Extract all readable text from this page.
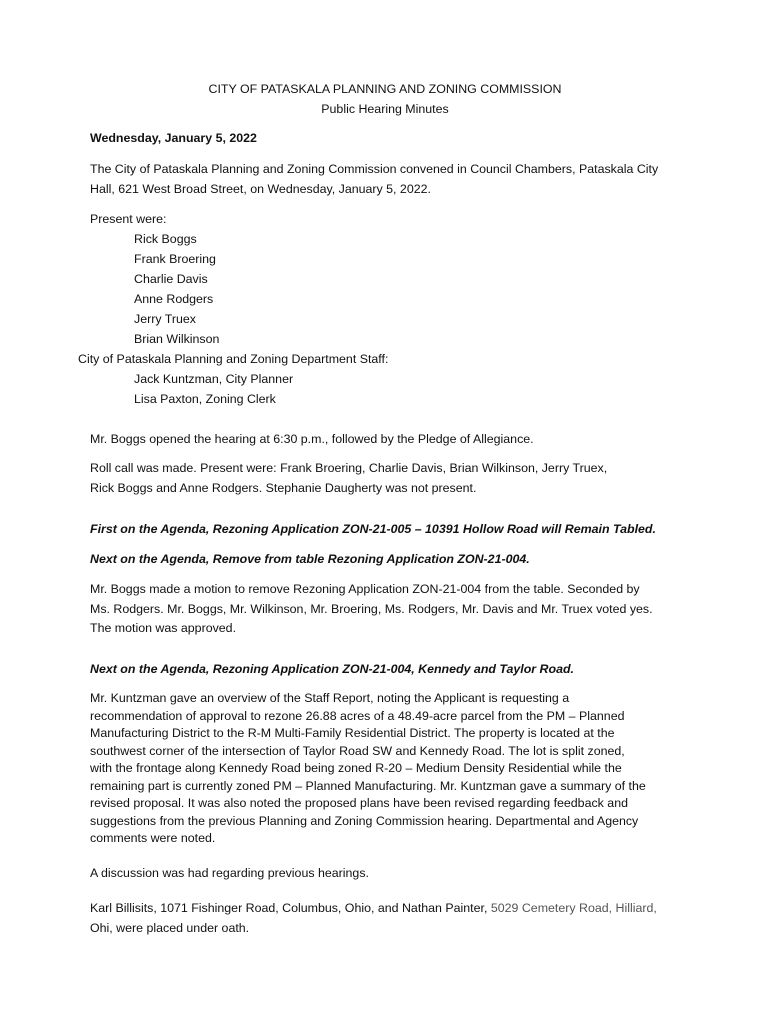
CITY OF PATASKALA PLANNING AND ZONING COMMISSION
Public Hearing Minutes
Wednesday, January 5, 2022

The City of Pataskala Planning and Zoning Commission convened in Council Chambers, Pataskala City

Hall, 621 West Broad Street, on Wednesday, January 5, 2022.

Present were:
Rick Boggs
Frank Broering
Charlie Davis
Anne Rodgers
Jerry Truex
Brian Wilkinson
City of Pataskala Planning and Zoning Department Staff:
Jack Kuntzman, City Planner
Lisa Paxton, Zoning Clerk
Mr. Boggs opened the hearing at 6:30 p.m., followed by the Pledge of Allegiance.

Roll call was made. Present were: Frank Broering, Charlie Davis, Brian Wilkinson, Jerry Truex,

Rick Boggs and Anne Rodgers. Stephanie Daugherty was not present.

First on the Agenda, Rezoning Application ZON-21-005 – 10391 Hollow Road will Remain Tabled.
Next on the Agenda, Remove from table Rezoning Application ZON-21-004.

Mr. Boggs made a motion to remove Rezoning Application ZON-21-004 from the table. Seconded by

Ms. Rodgers. Mr. Boggs, Mr. Wilkinson, Mr. Broering, Ms. Rodgers, Mr. Davis and Mr. Truex voted yes.

The motion was approved.

Next on the Agenda, Rezoning Application ZON-21-004, Kennedy and Taylor Road.

Mr. Kuntzman gave an overview of the Staff Report, noting the Applicant is requesting a

recommendation of approval to rezone 26.88 acres of a 48.49-acre parcel from the PM – Planned

Manufacturing District to the R-M Multi-Family Residential District. The property is located at the

southwest corner of the intersection of Taylor Road SW and Kennedy Road. The lot is split zoned,

with the frontage along Kennedy Road being zoned R-20 – Medium Density Residential while the

remaining part is currently zoned PM – Planned Manufacturing. Mr. Kuntzman gave a summary of the

revised proposal. It was also noted the proposed plans have been revised regarding feedback and

suggestions from the previous Planning and Zoning Commission hearing. Departmental and Agency

comments were noted.

A discussion was had regarding previous hearings.

Karl Billisits, 1071 Fishinger Road, Columbus, Ohio, and Nathan Painter, 5029 Cemetery Road, Hilliard,

Ohi, were placed under oath.
